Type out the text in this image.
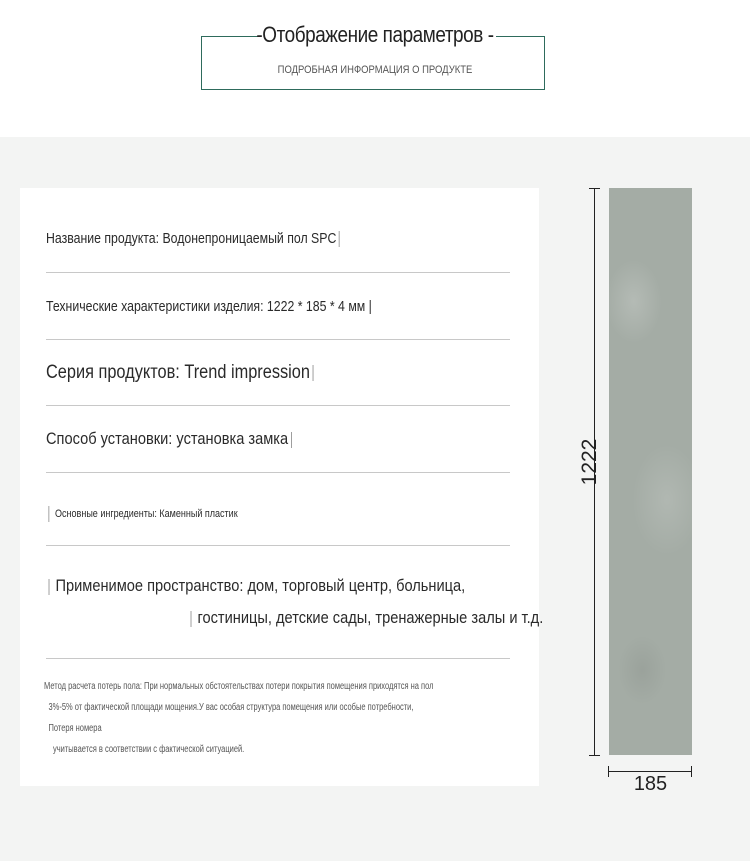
-Отображение параметров -
ПОДРОБНАЯ ИНФОРМАЦИЯ О ПРОДУКТЕ
Название продукта: Водонепроницаемый пол SPC
Технические характеристики изделия: 1222 * 185 * 4 мм |
Серия продуктов: Trend impression
Способ установки: установка замка
Основные ингредиенты: Каменный пластик
Применимое пространство: дом, торговый центр, больница,
гостиницы, детские сады, тренажерные залы и т.д.
Метод расчета потерь пола: При нормальных обстоятельствах потери покрытия помещения приходятся на пол
3%-5% от фактической площади мощения.У вас особая структура помещения или особые потребности, Потеря номера
учитывается в соответствии с фактической ситуацией.
1222
185
